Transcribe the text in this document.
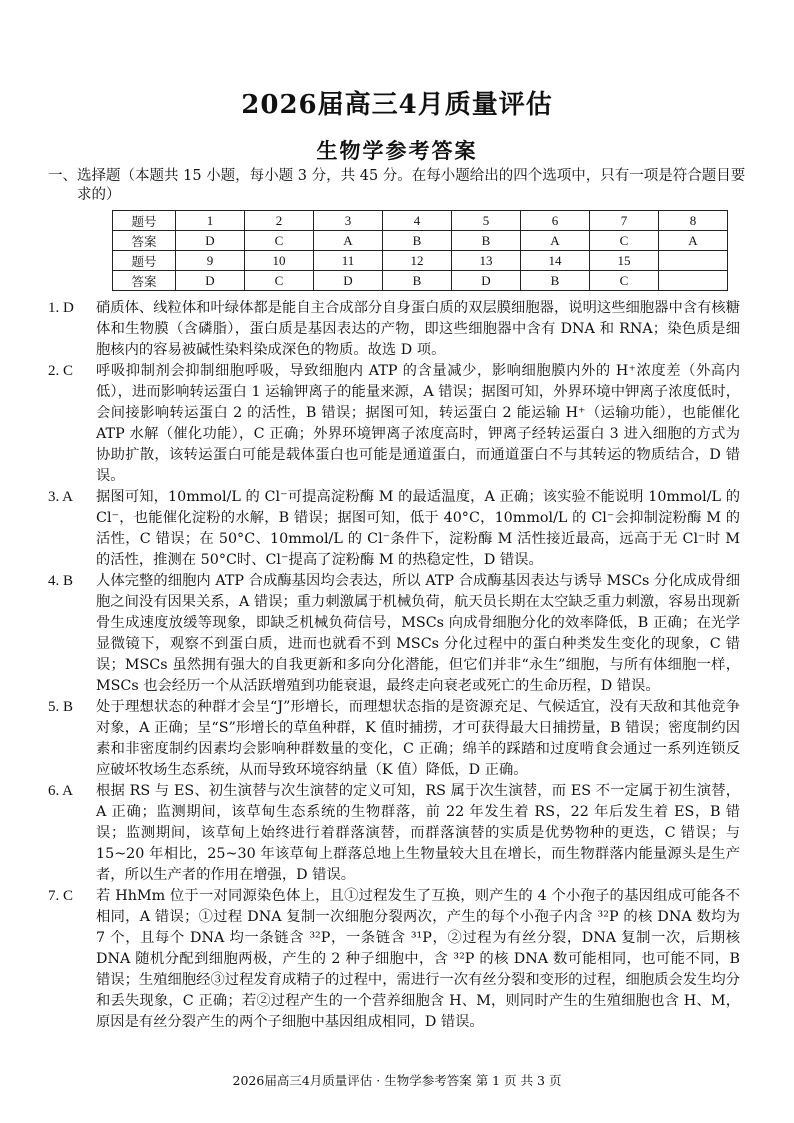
2026届高三4月质量评估
生物学参考答案
一、 选择题（本题共 15 小题，每小题 3 分，共 45 分。在每小题给出的四个选项中，只有一项是符合题目要求的）
题号	1	2	3	4	5	6	7	8
答案	D	C	A	B	B	A	C	A
题号	9	10	11	12	13	14	15	
答案	D	C	D	B	D	B	C	
1. D	硝质体、线粒体和叶绿体都是能自主合成部分自身蛋白质的双层膜细胞器，说明这些细胞器中含有核糖体和生物膜（含磷脂），蛋白质是基因表达的产物，即这些细胞器中含有 DNA 和 RNA；染色质是细胞核内的容易被碱性染料染成深色的物质。故选 D 项。
2. C	呼吸抑制剂会抑制细胞呼吸，导致细胞内 ATP 的含量减少，影响细胞膜内外的 H⁺浓度差（外高内低），进而影响转运蛋白 1 运输钾离子的能量来源，A 错误；据图可知，外界环境中钾离子浓度低时，会间接影响转运蛋白 2 的活性，B 错误；据图可知，转运蛋白 2 能运输 H⁺（运输功能），也能催化 ATP 水解（催化功能），C 正确；外界环境钾离子浓度高时，钾离子经转运蛋白 3 进入细胞的方式为协助扩散，该转运蛋白可能是载体蛋白也可能是通道蛋白，而通道蛋白不与其转运的物质结合，D 错误。
3. A	据图可知，10mmol/L 的 Cl⁻可提高淀粉酶 M 的最适温度，A 正确；该实验不能说明 10mmol/L 的 Cl⁻，也能催化淀粉的水解，B 错误；据图可知，低于 40°C，10mmol/L 的 Cl⁻会抑制淀粉酶 M 的活性，C 错误；在 50°C、10mmol/L 的 Cl⁻条件下，淀粉酶 M 活性接近最高，远高于无 Cl⁻时 M 的活性，推测在 50°C时、Cl⁻提高了淀粉酶 M 的热稳定性，D 错误。
4. B	人体完整的细胞内 ATP 合成酶基因均会表达，所以 ATP 合成酶基因表达与诱导 MSCs 分化成成骨细胞之间没有因果关系，A 错误；重力刺激属于机械负荷，航天员长期在太空缺乏重力刺激，容易出现新骨生成速度放缓等现象，即缺乏机械负荷信号，MSCs 向成骨细胞分化的效率降低，B 正确；在光学显微镜下，观察不到蛋白质，进而也就看不到 MSCs 分化过程中的蛋白种类发生变化的现象，C 错误；MSCs 虽然拥有强大的自我更新和多向分化潜能，但它们并非“永生”细胞，与所有体细胞一样，MSCs 也会经历一个从活跃增殖到功能衰退，最终走向衰老或死亡的生命历程，D 错误。
5. B	处于理想状态的种群才会呈“J”形增长，而理想状态指的是资源充足、气候适宜，没有天敌和其他竞争对象，A 正确；呈“S”形增长的草鱼种群，K 值时捕捞，才可获得最大日捕捞量，B 错误；密度制约因素和非密度制约因素均会影响种群数量的变化，C 正确；绵羊的踩踏和过度啃食会通过一系列连锁反应破坏牧场生态系统，从而导致环境容纳量（K 值）降低，D 正确。
6. A	根据 RS 与 ES、初生演替与次生演替的定义可知，RS 属于次生演替，而 ES 不一定属于初生演替，A 正确；监测期间，该草甸生态系统的生物群落，前 22 年发生着 RS，22 年后发生着 ES，B 错误；监测期间，该草甸上始终进行着群落演替，而群落演替的实质是优势物种的更迭，C 错误；与 15~20 年相比，25~30 年该草甸上群落总地上生物量较大且在增长，而生物群落内能量源头是生产者，所以生产者的作用在增强，D 错误。
7. C	若 HhMm 位于一对同源染色体上，且①过程发生了互换，则产生的 4 个小孢子的基因组成可能各不相同，A 错误；①过程 DNA 复制一次细胞分裂两次，产生的每个小孢子内含 ³²P 的核 DNA 数均为 7 个，且每个 DNA 均一条链含 ³²P，一条链含 ³¹P，②过程为有丝分裂，DNA 复制一次，后期核 DNA 随机分配到细胞两极，产生的 2 种子细胞中，含 ³²P 的核 DNA 数可能相同，也可能不同，B 错误；生殖细胞经③过程发育成精子的过程中，需进行一次有丝分裂和变形的过程，细胞质会发生均分和丢失现象，C 正确；若②过程产生的一个营养细胞含 H、M，则同时产生的生殖细胞也含 H、M，原因是有丝分裂产生的两个子细胞中基因组成相同，D 错误。
2026届高三4月质量评估 · 生物学参考答案 第 1 页 共 3 页
